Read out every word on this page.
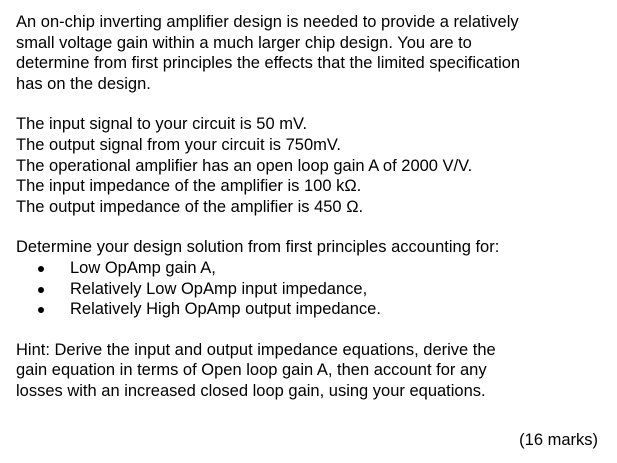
An on-chip inverting amplifier design is needed to provide a relatively
small voltage gain within a much larger chip design. You are to
determine from first principles the effects that the limited specification
has on the design.

The input signal to your circuit is 50 mV.
The output signal from your circuit is 750mV.
The operational amplifier has an open loop gain A of 2000 V/V.
The input impedance of the amplifier is 100 kΩ.
The output impedance of the amplifier is 450 Ω.

Determine your design solution from first principles accounting for:

Low OpAmp gain A,
Relatively Low OpAmp input impedance,
Relatively High OpAmp output impedance.

Hint: Derive the input and output impedance equations, derive the
gain equation in terms of Open loop gain A, then account for any
losses with an increased closed loop gain, using your equations.

(16 marks)
